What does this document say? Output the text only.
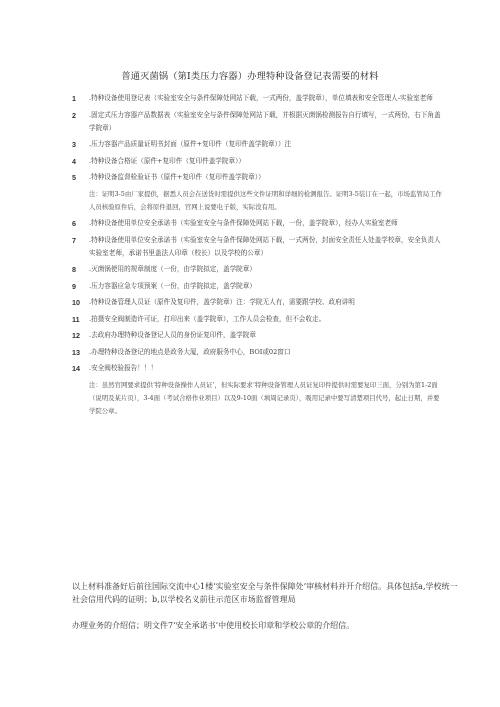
普通灭菌锅（第Ⅰ类压力容器）办理特种设备登记表需要的材料
1	.特种设备使用登记表（实验室安全与条件保障处网站下载，一式两份，盖学院章），单位填表和安全管理人-实验室老师
2	.固定式压力容器产品数据表（实验室安全与条件保障处网站下载，并根据灭菌锅检测报告自行填写，一式两份，右下角盖学院章）
3	.压力容器产品质量证明书封面（原件+复印件（复印件盖学院章））注
4	.特种设备合格证（原件+复印件（复印件盖学院章））
5	.特种设备监督检验证书（原件+复印件（复印件盖学院章））
注：证明3-5由厂家提供，据悉人员会在送货时需提供这些文件证明和详细的检测报告。证明3-5装订在一起，市场监管局工作人员核验原件后，会将原件退回，官网上说要电子版，实际没有用。
6	.特种设备使用单位安全承诺书（实验室安全与条件保障处网站下载，一份，盖学院章），经办人实验室老师
7	.特种设备使用单位安全承诺书（实验室安全与条件保障处网站下载，一式两份，封面安全责任人处盖学校章，安全负责人实验室老师，承诺书里盖法人印章（校长）以及学校的公章）
8	.灭菌锅使用的规章制度（一份，由学院拟定，盖学院章）
9	.压力容器应急专项预案（一份，由学院拟定，盖学院章）
10	.特种设备管理人员证（原件及复印件，盖学院章）注：学院无人有，需要跟学校、政府讲明
11	.拍摄安全阀制造许可证，打印出来（盖学院章），工作人员会检查，但不会收走。
12	.去政府办理特种设备登记人员的身份证复印件，盖学院章
13	.办理特种设备登记的地点是政务大厦，政府服务中心，BOI或02窗口
14	.安全阀校验报告！！！
注：虽然官网要求提供‘特种设备操作人员证’，但实际要求‘特种设备管理人员证复印件提供时需要复印三面，分别为第1-2面（说明及某片页），3-4面（考试合格作业项目）以及9-10面（填周记录页），吸用记录中要写清楚项目代号，起止日期，并要学院公章。
以上材料准备好后前往国际交流中心1楼‘实验室安全与条件保障处’审核材料并开介绍信。具体包括a,学校统一社会信用代码的证明；b,以学校名义前往示范区市场监督管理局
办理业务的介绍信；明文件7‘安全承诺书’中使用校长印章和学校公章的介绍信。
